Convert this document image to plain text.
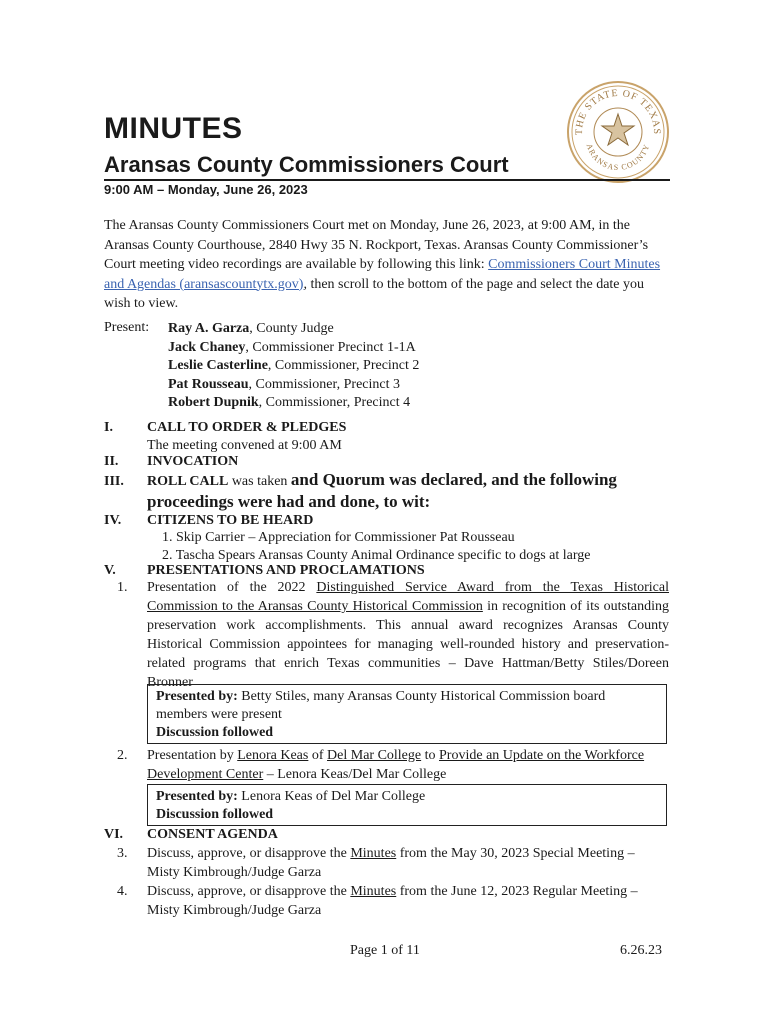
THE STATE OF TEXAS
ARANSAS COUNTY
MINUTES
Aransas County Commissioners Court
9:00 AM – Monday, June 26, 2023
The Aransas County Commissioners Court met on Monday, June 26, 2023, at 9:00 AM, in the Aransas County Courthouse, 2840 Hwy 35 N. Rockport, Texas. Aransas County Commissioner’s Court meeting video recordings are available by following this link: Commissioners Court Minutes and Agendas (aransascountytx.gov), then scroll to the bottom of the page and select the date you wish to view.
Present: Ray A. Garza, County Judge
Jack Chaney, Commissioner Precinct 1-1A
Leslie Casterline, Commissioner, Precinct 2
Pat Rousseau, Commissioner, Precinct 3
Robert Dupnik, Commissioner, Precinct 4
I. CALL TO ORDER & PLEDGES
The meeting convened at 9:00 AM
II. INVOCATION
III. ROLL CALL was taken and Quorum was declared, and the following
proceedings were had and done, to wit:
IV. CITIZENS TO BE HEARD
1. Skip Carrier – Appreciation for Commissioner Pat Rousseau
2. Tascha Spears Aransas County Animal Ordinance specific to dogs at large
V. PRESENTATIONS AND PROCLAMATIONS
1. Presentation of the 2022 Distinguished Service Award from the Texas Historical Commission to the Aransas County Historical Commission in recognition of its outstanding preservation work accomplishments. This annual award recognizes Aransas County Historical Commission appointees for managing well-rounded history and preservation-related programs that enrich Texas communities – Dave Hattman/Betty Stiles/Doreen Bronner
Presented by: Betty Stiles, many Aransas County Historical Commission board members were present
Discussion followed
2. Presentation by Lenora Keas of Del Mar College to Provide an Update on the Workforce Development Center – Lenora Keas/Del Mar College
Presented by: Lenora Keas of Del Mar College
Discussion followed
VI. CONSENT AGENDA
3. Discuss, approve, or disapprove the Minutes from the May 30, 2023 Special Meeting – Misty Kimbrough/Judge Garza
4. Discuss, approve, or disapprove the Minutes from the June 12, 2023 Regular Meeting – Misty Kimbrough/Judge Garza
Page 1 of 11	6.26.23
